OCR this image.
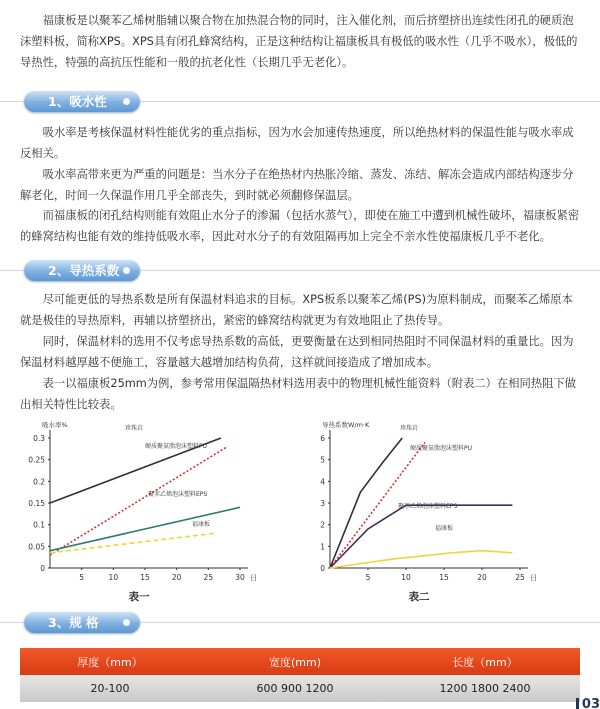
福康板是以聚苯乙烯树脂辅以聚合物在加热混合物的同时，注入催化剂，而后挤塑挤出连续性闭孔的硬质泡沫塑料板，简称XPS。XPS具有闭孔蜂窝结构，正是这种结构让福康板具有极低的吸水性（几乎不吸水），极低的导热性，特强的高抗压性能和一般的抗老化性（长期几乎无老化）。

1、吸水性

吸水率是考核保温材料性能优劣的重点指标，因为水会加速传热速度，所以绝热材料的保温性能与吸水率成反相关。

吸水率高带来更为严重的问题是：当水分子在绝热材内热胀冷缩、蒸发、冻结、解冻会造成内部结构逐步分解老化，时间一久保温作用几乎全部丧失，到时就必须翻修保温层。

而福康板的闭孔结构则能有效阻止水分子的渗漏（包括水蒸气），即使在施工中遭到机械性破坏，福康板紧密的蜂窝结构也能有效的维持低吸水率，因此对水分子的有效阻隔再加上完全不亲水性使福康板几乎不老化。

2、导热系数

尽可能更低的导热系数是所有保温材料追求的目标。XPS板系以聚苯乙烯(PS)为原料制成，而聚苯乙烯原本就是极佳的导热原料，再辅以挤塑挤出，紧密的蜂窝结构就更为有效地阻止了热传导。

同时，保温材料的选用不仅考虑导热系数的高低，更要衡量在达到相同热阻时不同保温材料的重量比。因为保温材料越厚越不便施工，容量越大越增加结构负荷，这样就间接造成了增加成本。

表一以福康板25mm为例，参考常用保温隔热材料选用表中的物理机械性能资料（附表二）在相同热阻下做出相关特性比较表。

吸水率%
0.3
0.25
0.2
0.15
0.1
0.05
0
5	10	15	20	25	30 日
珍珠岩
硬质聚氨脂泡沫塑料PU
聚苯乙烯泡沫塑料EPS
福康板
表一
导热系数W/m·K
6
5
4
3
2
1
0
5	10	15	20	25 日
珍珠岩
硬质聚氨脂泡沫塑料PU
聚苯乙烯泡沫塑料EPS
福康板
表二
3、规 格
厚度（mm）	宽度(mm)	长度（mm）
20-100	600 900 1200	1200 1800 2400
03
